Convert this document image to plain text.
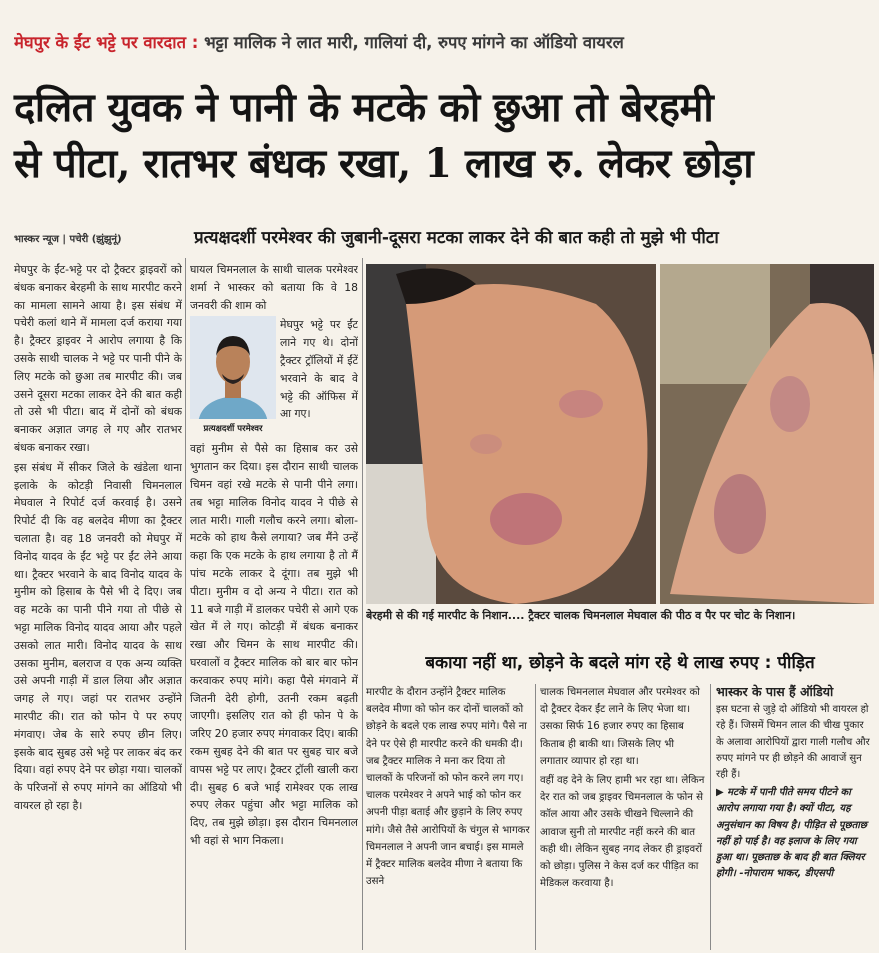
मेघपुर के ईंट भट्टे पर वारदात : भट्टा मालिक ने लात मारी, गालियां दी, रुपए मांगने का ऑडियो वायरल
दलित युवक ने पानी के मटके को छुआ तो बेरहमी
से पीटा, रातभर बंधक रखा, 1 लाख रु. लेकर छोड़ा
भास्कर न्यूज | पचेरी (झुंझुनूं)	प्रत्यक्षदर्शी परमेश्वर की जुबानी-दूसरा मटका लाकर देने की बात कही तो मुझे भी पीटा

मेघपुर के ईंट-भट्टे पर दो ट्रैक्टर ड्राइवरों को बंधक बनाकर बेरहमी के साथ मारपीट करने का मामला सामने आया है। इस संबंध में पचेरी कलां थाने में मामला दर्ज कराया गया है। ट्रैक्टर ड्राइवर ने आरोप लगाया है कि उसके साथी चालक ने भट्टे पर पानी पीने के लिए मटके को छुआ तब मारपीट की। जब उसने दूसरा मटका लाकर देने की बात कही तो उसे भी पीटा। बाद में दोनों को बंधक बनाकर अज्ञात जगह ले गए और रातभर बंधक बनाकर रखा।

इस संबंध में सीकर जिले के खंडेला थाना इलाके के कोटड़ी निवासी चिमनलाल मेघवाल ने रिपोर्ट दर्ज करवाई है। उसने रिपोर्ट दी कि वह बलदेव मीणा का ट्रैक्टर चलाता है। वह 18 जनवरी को मेघपुर में विनोद यादव के ईंट भट्टे पर ईंट लेने आया था। ट्रैक्टर भरवाने के बाद विनोद यादव के मुनीम को हिसाब के पैसे भी दे दिए। जब वह मटके का पानी पीने गया तो पीछे से भट्टा मालिक विनोद यादव आया और पहले उसको लात मारी। विनोद यादव के साथ उसका मुनीम, बलराज व एक अन्य व्यक्ति उसे अपनी गाड़ी में डाल लिया और अज्ञात जगह ले गए। जहां पर रातभर उन्होंने मारपीट की। रात को फोन पे पर रुपए मंगवाए। जेब के सारे रुपए छीन लिए। इसके बाद सुबह उसे भट्टे पर लाकर बंद कर दिया। वहां रुपए देने पर छोड़ा गया। चालकों के परिजनों से रुपए मांगने का ऑडियो भी वायरल हो रहा है।

घायल चिमनलाल के साथी चालक परमेश्वर शर्मा ने भास्कर को बताया कि वे 18 जनवरी की शाम को
प्रत्यक्षदर्शी परमेश्वर
मेघपुर भट्टे पर ईंट लाने गए थे। दोनों ट्रैक्टर ट्रॉलियों में ईंटें भरवाने के बाद वे भट्टे की ऑफिस में आ गए।
वहां मुनीम से पैसे का हिसाब कर उसे भुगतान कर दिया। इस दौरान साथी चालक चिमन वहां रखे मटके से पानी पीने लगा। तब भट्टा मालिक विनोद यादव ने पीछे से लात मारी। गाली गलौच करने लगा। बोला-मटके को हाथ कैसे लगाया? जब मैंने उन्हें कहा कि एक मटके के हाथ लगाया है तो मैं पांच मटके लाकर दे दूंगा। तब मुझे भी पीटा। मुनीम व दो अन्य ने पीटा। रात को 11 बजे गाड़ी में डालकर पचेरी से आगे एक खेत में ले गए। कोटड़ी में बंधक बनाकर रखा और चिमन के साथ मारपीट की। घरवालों व ट्रैक्टर मालिक को बार बार फोन करवाकर रुपए मांगे। कहा पैसे मंगवाने में जितनी देरी होगी, उतनी रकम बढ़ती जाएगी। इसलिए रात को ही फोन पे के जरिए 20 हजार रुपए मंगवाकर दिए। बाकी रकम सुबह देने की बात पर सुबह चार बजे वापस भट्टे पर लाए। ट्रैक्टर ट्रॉली खाली करा दी। सुबह 6 बजे भाई रामेश्वर एक लाख रुपए लेकर पहुंचा और भट्टा मालिक को दिए, तब मुझे छोड़ा। इस दौरान चिमनलाल भी वहां से भाग निकला।
बेरहमी से की गई मारपीट के निशान.... ट्रैक्टर चालक चिमनलाल मेघवाल की पीठ व पैर पर चोट के निशान।
बकाया नहीं था, छोड़ने के बदले मांग रहे थे लाख रुपए : पीड़ित
मारपीट के दौरान उन्होंने ट्रैक्टर मालिक बलदेव मीणा को फोन कर दोनों चालकों को छोड़ने के बदले एक लाख रुपए मांगे। पैसे ना देने पर ऐसे ही मारपीट करने की धमकी दी। जब ट्रैक्टर मालिक ने मना कर दिया तो चालकों के परिजनों को फोन करने लग गए। चालक परमेश्वर ने अपने भाई को फोन कर अपनी पीड़ा बताई और छुड़ाने के लिए रुपए मांगे। जैसे तैसे आरोपियों के चंगुल से भागकर चिमनलाल ने अपनी जान बचाई। इस मामले में ट्रैक्टर मालिक बलदेव मीणा ने बताया कि उसने

चालक चिमनलाल मेघवाल और परमेश्वर को दो ट्रैक्टर देकर ईंट लाने के लिए भेजा था। उसका सिर्फ 16 हजार रुपए का हिसाब किताब ही बाकी था। जिसके लिए भी लगातार व्यापार हो रहा था।

वहीं वह देने के लिए हामी भर रहा था। लेकिन देर रात को जब ड्राइवर चिमनलाल के फोन से कॉल आया और उसके चीखने चिल्लाने की आवाज सुनी तो मारपीट नहीं करने की बात कही थी। लेकिन सुबह नगद लेकर ही ड्राइवरों को छोड़ा। पुलिस ने केस दर्ज कर पीड़ित का मेडिकल करवाया है।

भास्कर के पास हैं ऑडियो

इस घटना से जुड़े दो ऑडियो भी वायरल हो रहे हैं। जिसमें चिमन लाल की चीख पुकार के अलावा आरोपियों द्वारा गाली गलौच और रुपए मांगने पर ही छोड़ने की आवाजें सुन रही हैं।

▶ मटके में पानी पीते समय पीटने का आरोप लगाया गया है। क्यों पीटा, यह अनुसंधान का विषय है। पीड़ित से पूछताछ नहीं हो पाई है। वह इलाज के लिए गया हुआ था। पूछताछ के बाद ही बात क्लियर होगी। -नोपाराम भाकर, डीएसपी
